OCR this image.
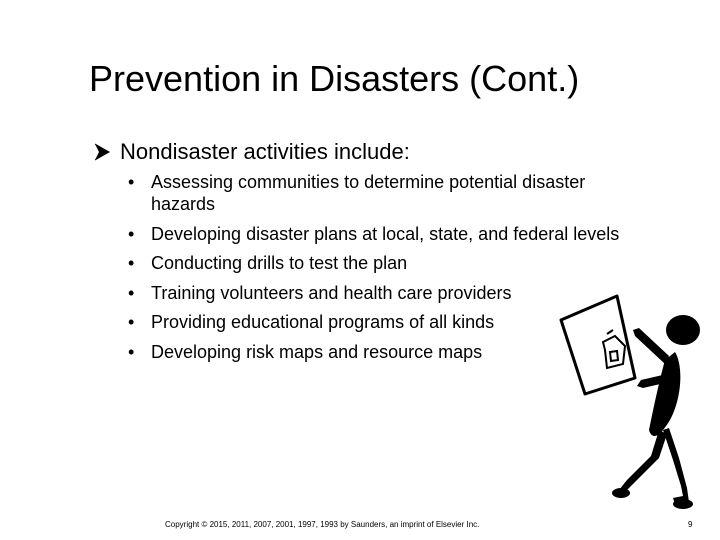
Prevention in Disasters (Cont.)
Nondisaster activities include:
• Assessing communities to determine potential disaster hazards
• Developing disaster plans at local, state, and federal levels
• Conducting drills to test the plan
• Training volunteers and health care providers
• Providing educational programs of all kinds
• Developing risk maps and resource maps
Copyright © 2015, 2011, 2007, 2001, 1997, 1993 by Saunders, an imprint of Elsevier Inc.	9
